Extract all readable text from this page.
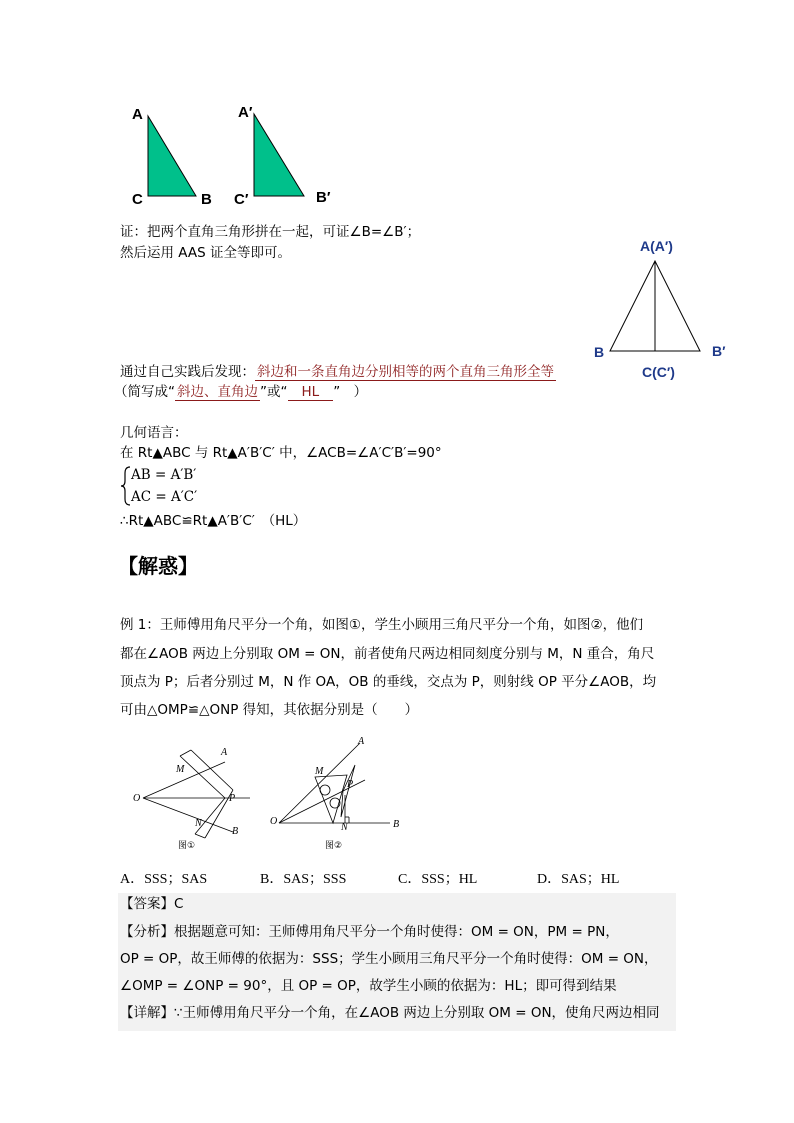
A
C	B
A′
C′	B′
证：把两个直角三角形拼在一起，可证∠B=∠B′；
然后运用 AAS 证全等即可。	A(A′)
B	B′
C(C′)
通过自己实践后发现： 斜边和一条直角边分别相等的两个直角三角形全等
（简写成“ 斜边、直角边 ”或“ HL ”　）
几何语言：
在 Rt▲ABC 与 Rt▲A′B′C′ 中，∠ACB=∠A′C′B′=90°
AB = A′B′
AC = A′C′
∴Rt▲ABC≌Rt▲A′B′C′　（HL）
【解惑】
例 1：王师傅用角尺平分一个角，如图①，学生小顾用三角尺平分一个角，如图②，他们
都在∠AOB 两边上分别取 OM = ON，前者使角尺两边相同刻度分别与 M，N 重合，角尺
顶点为 P；后者分别过 M，N 作 OA，OB 的垂线，交点为 P，则射线 OP 平分∠AOB，均
可由△OMP≌△ONP 得知，其依据分别是（　　）
A
M
O	P
N
B
图①
A
M
P
O
N	B
图②
A．SSS；SAS	B．SAS；SSS	C．SSS；HL	D．SAS；HL
【答案】C
【分析】根据题意可知：王师傅用角尺平分一个角时使得：OM = ON，PM = PN，
OP = OP，故王师傅的依据为：SSS；学生小顾用三角尺平分一个角时使得：OM = ON，
∠OMP = ∠ONP = 90°，且 OP = OP，故学生小顾的依据为：HL；即可得到结果
【详解】∵王师傅用角尺平分一个角，在∠AOB 两边上分别取 OM = ON，使角尺两边相同
